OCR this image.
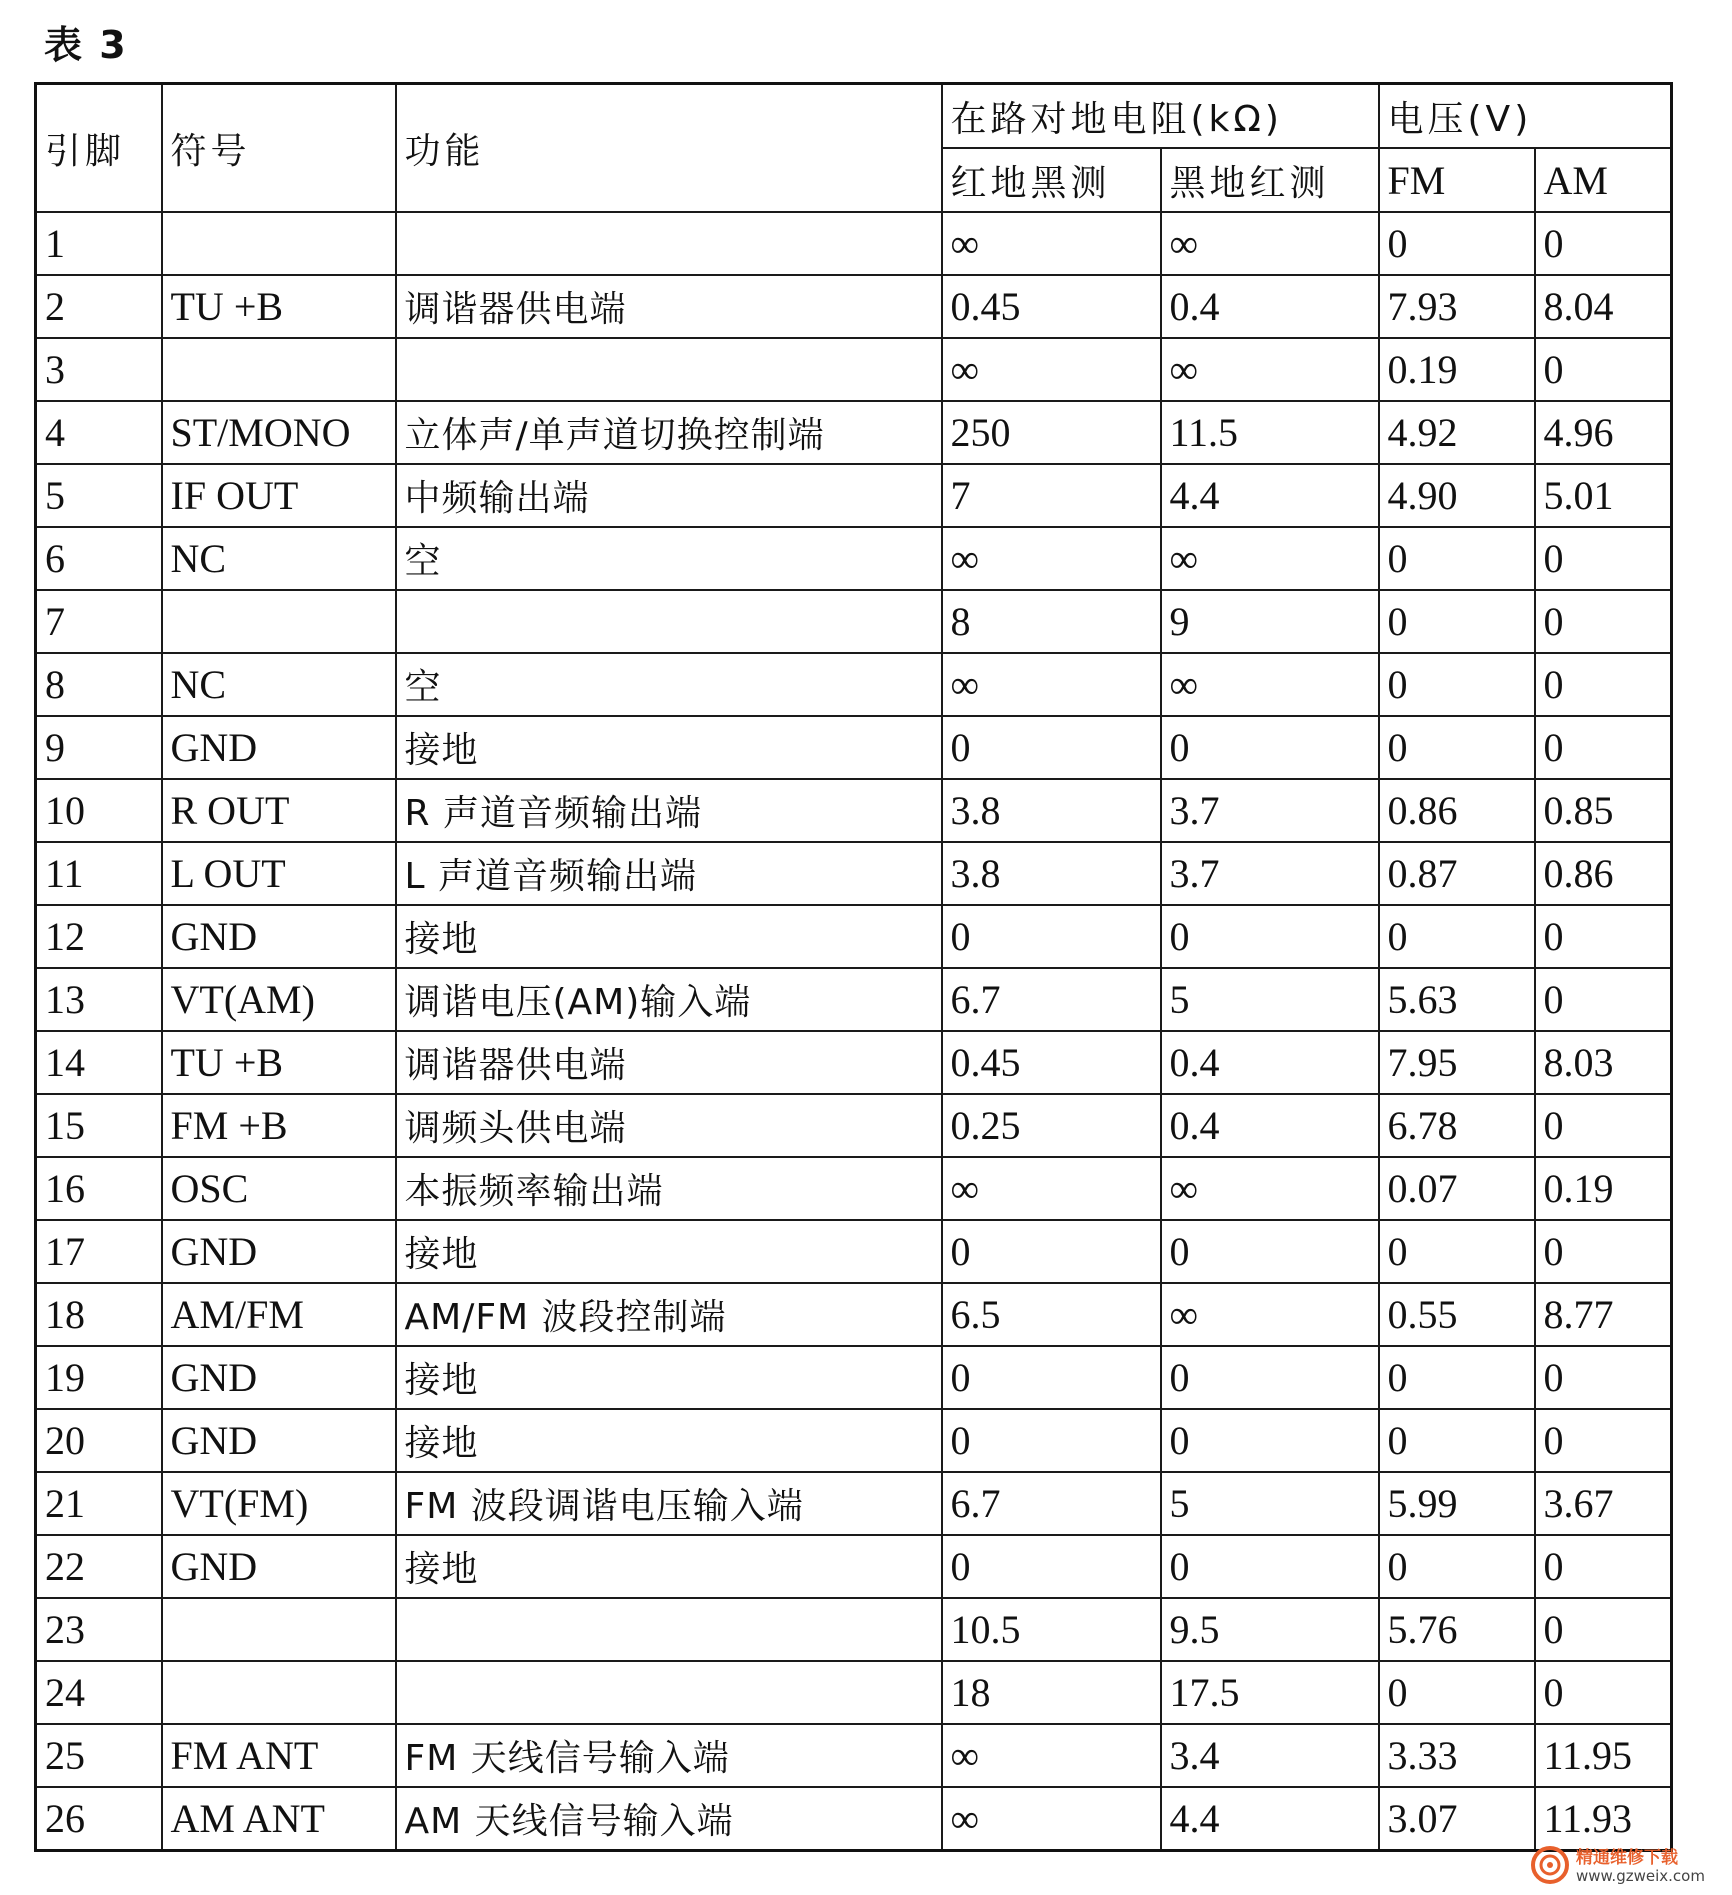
表 3
引脚	符号	功能	在路对地电阻(kΩ)		电压(V)	
			红地黑测	黑地红测	FM	AM
1			∞	∞	0	0
2	TU +B	调谐器供电端	0.45	0.4	7.93	8.04
3			∞	∞	0.19	0
4	ST/MONO	立体声/单声道切换控制端	250	11.5	4.92	4.96
5	IF OUT	中频输出端	7	4.4	4.90	5.01
6	NC	空	∞	∞	0	0
7			8	9	0	0
8	NC	空	∞	∞	0	0
9	GND	接地	0	0	0	0
10	R OUT	R 声道音频输出端	3.8	3.7	0.86	0.85
11	L OUT	L 声道音频输出端	3.8	3.7	0.87	0.86
12	GND	接地	0	0	0	0
13	VT(AM)	调谐电压(AM)输入端	6.7	5	5.63	0
14	TU +B	调谐器供电端	0.45	0.4	7.95	8.03
15	FM +B	调频头供电端	0.25	0.4	6.78	0
16	OSC	本振频率输出端	∞	∞	0.07	0.19
17	GND	接地	0	0	0	0
18	AM/FM	AM/FM 波段控制端	6.5	∞	0.55	8.77
19	GND	接地	0	0	0	0
20	GND	接地	0	0	0	0
21	VT(FM)	FM 波段调谐电压输入端	6.7	5	5.99	3.67
22	GND	接地	0	0	0	0
23			10.5	9.5	5.76	0
24			18	17.5	0	0
25	FM ANT	FM 天线信号输入端	∞	3.4	3.33	11.95
26	AM ANT	AM 天线信号输入端	∞	4.4	3.07	11.93
精通维修下载
www.gzweix.com
